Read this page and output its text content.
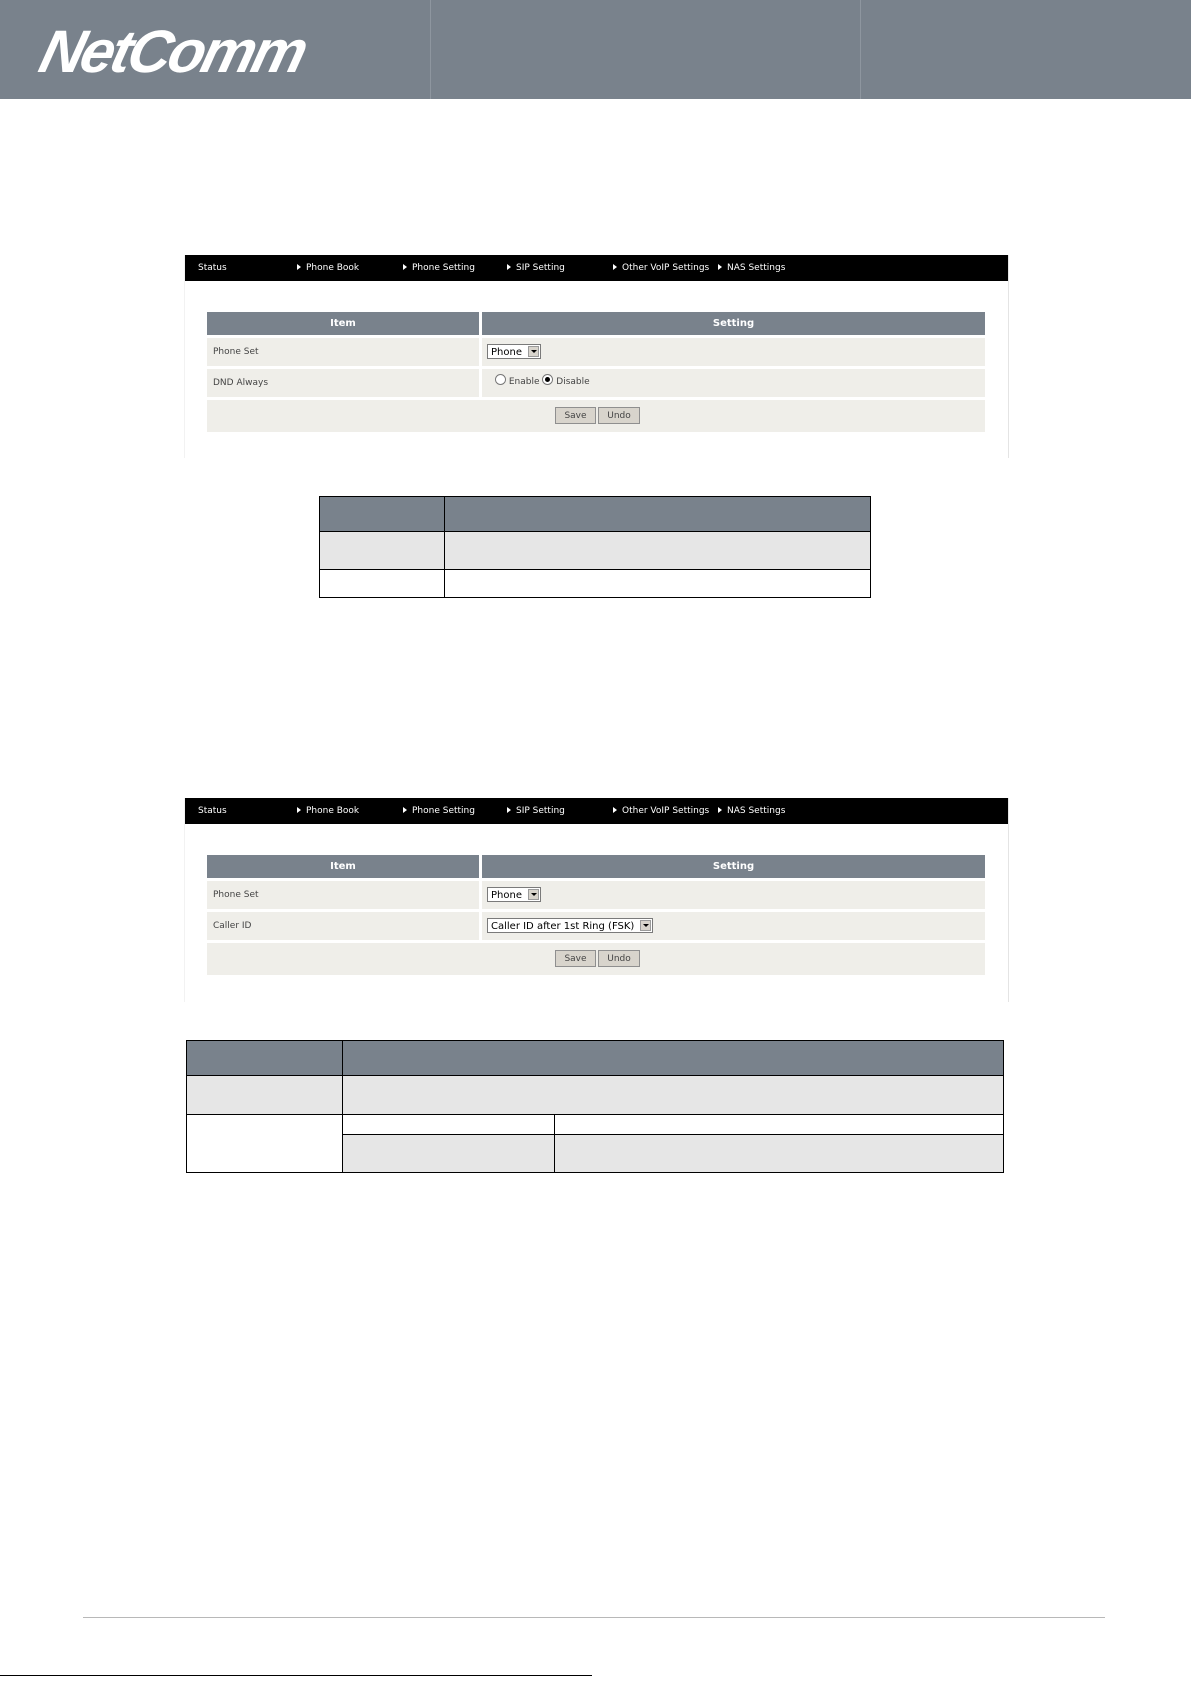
NetComm
Status	Phone Book	Phone Setting	SIP Setting	Other VoIP Settings	NAS Settings
Item	Setting
Phone Set	Phone
DND Always	Enable Disable
Save	Undo

Status	Phone Book	Phone Setting	SIP Setting	Other VoIP Settings	NAS Settings
Item	Setting
Phone Set	Phone
Caller ID	Caller ID after 1st Ring (FSK)
Save	Undo
